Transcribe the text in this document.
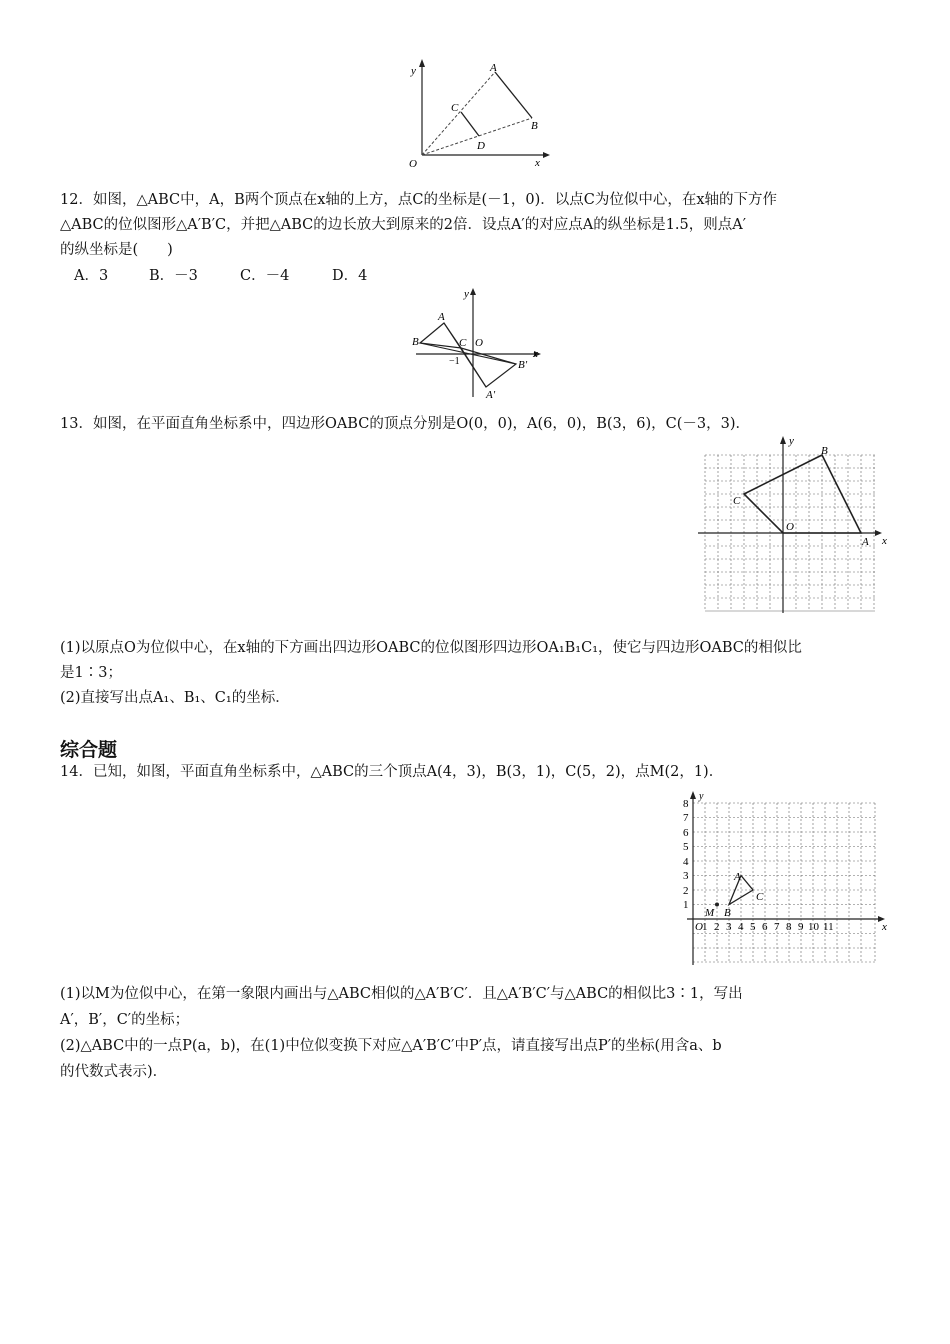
y
x
O
A
B
C
D
12．如图，△ABC中，A，B两个顶点在x轴的上方，点C的坐标是(－1，0)．以点C为位似中心，在x轴的下方作
△ABC的位似图形△A′B′C，并把△ABC的边长放大到原来的2倍．设点A′的对应点A的纵坐标是1.5，则点A′
的纵坐标是(　　)
A．3	B．－3	C．－4	D．4
y
x
A
B	C O
−1	B′
A′
13．如图，在平面直角坐标系中，四边形OABC的顶点分别是O(0，0)，A(6，0)，B(3，6)，C(－3，3)．
y
x
O
A
B
C
(1)以原点O为位似中心，在x轴的下方画出四边形OABC的位似图形四边形OA₁B₁C₁，使它与四边形OABC的相似比
是1∶3；
(2)直接写出点A₁、B₁、C₁的坐标．
综合题
14．已知，如图，平面直角坐标系中，△ABC的三个顶点A(4，3)，B(3，1)，C(5，2)，点M(2，1)．
y
x
O
M
A
B
C
1 2 3 4 5 6 7 8 9 10 11
1
2
3
4
5
6
7
8
(1)以M为位似中心，在第一象限内画出与△ABC相似的△A′B′C′．且△A′B′C′与△ABC的相似比3∶1，写出
A′，B′，C′的坐标；
(2)△ABC中的一点P(a，b)，在(1)中位似变换下对应△A′B′C′中P′点，请直接写出点P′的坐标(用含a、b
的代数式表示)．
